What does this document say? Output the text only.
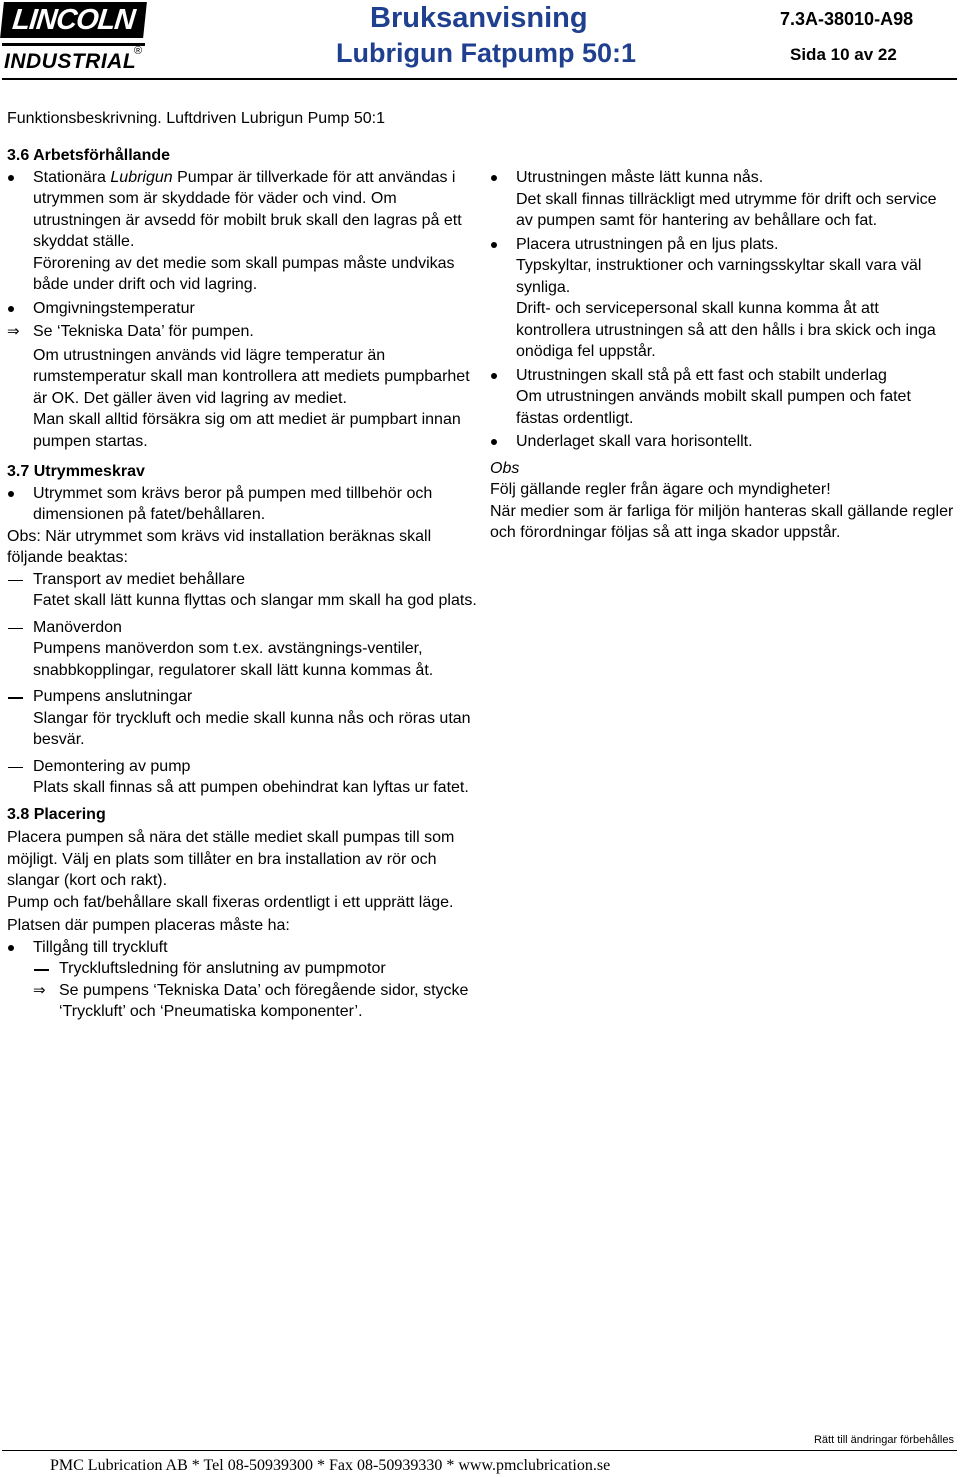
LINCOLN
INDUSTRIAL
®
Bruksanvisning
Lubrigun Fatpump 50:1
7.3A-38010-A98
Sida 10 av 22
Funktionsbeskrivning. Luftdriven Lubrigun Pump 50:1
3.6 Arbetsförhållande
Stationära Lubrigun Pumpar är tillverkade för att användas i utrymmen som är skyddade för väder och vind. Om utrustningen är avsedd för mobilt bruk skall den lagras på ett skyddat ställe.
Förorening av det medie som skall pumpas måste undvikas både under drift och vid lagring.
Omgivningstemperatur
⇒ Se ‘Tekniska Data’ för pumpen.
Om utrustningen används vid lägre temperatur än rumstemperatur skall man kontrollera att mediets pumpbarhet är OK. Det gäller även vid lagring av mediet.
Man skall alltid försäkra sig om att mediet är pumpbart innan pumpen startas.
3.7 Utrymmeskrav
Utrymmet som krävs beror på pumpen med tillbehör och dimensionen på fatet/behållaren.
Obs: När utrymmet som krävs vid installation beräknas skall följande beaktas:
Transport av mediet behållare
Fatet skall lätt kunna flyttas och slangar mm skall ha god plats.
Manöverdon
Pumpens manöverdon som t.ex. avstängnings-ventiler, snabbkopplingar, regulatorer skall lätt kunna kommas åt.
Pumpens anslutningar
Slangar för tryckluft och medie skall kunna nås och röras utan besvär.
Demontering av pump
Plats skall finnas så att pumpen obehindrat kan lyftas ur fatet.
3.8 Placering
Placera pumpen så nära det ställe mediet skall pumpas till som möjligt. Välj en plats som tillåter en bra installation av rör och slangar (kort och rakt).
Pump och fat/behållare skall fixeras ordentligt i ett upprätt läge.
Platsen där pumpen placeras måste ha:
Tillgång till tryckluft
Tryckluftsledning för anslutning av pumpmotor
⇒ Se pumpens ‘Tekniska Data’ och föregående sidor, stycke ‘Tryckluft’ och ‘Pneumatiska komponenter’.
Utrustningen måste lätt kunna nås.
Det skall finnas tillräckligt med utrymme för drift och service av pumpen samt för hantering av behållare och fat.
Placera utrustningen på en ljus plats.
Typskyltar, instruktioner och varningsskyltar skall vara väl synliga.
Drift- och servicepersonal skall kunna komma åt att kontrollera utrustningen så att den hålls i bra skick och inga onödiga fel uppstår.
Utrustningen skall stå på ett fast och stabilt underlag
Om utrustningen används mobilt skall pumpen och fatet fästas ordentligt.
Underlaget skall vara horisontellt.
Obs
Följ gällande regler från ägare och myndigheter!
När medier som är farliga för miljön hanteras skall gällande regler och förordningar följas så att inga skador uppstår.
Rätt till ändringar förbehålles
PMC Lubrication AB * Tel 08-50939300 * Fax 08-50939330 * www.pmclubrication.se
